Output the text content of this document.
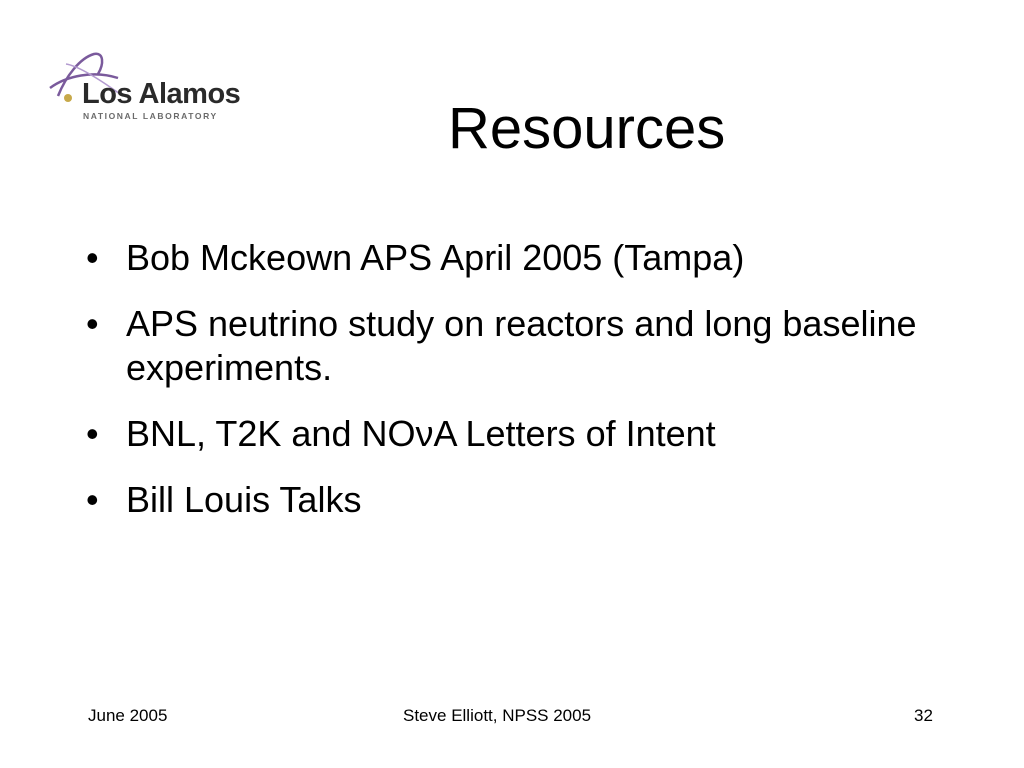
Los Alamos
NATIONAL LABORATORY	Resources
• Bob Mckeown APS April 2005 (Tampa)
• APS neutrino study on reactors and long baseline experiments.
• BNL, T2K and NOνA Letters of Intent
• Bill Louis Talks
June 2005	Steve Elliott, NPSS 2005	32
